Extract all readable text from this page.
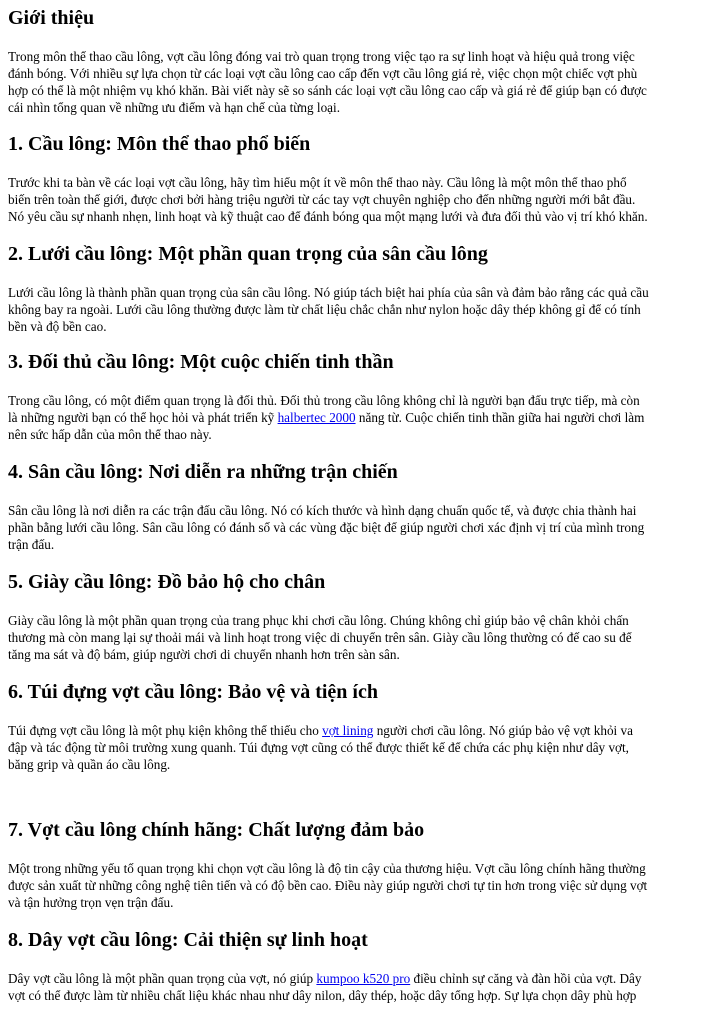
Giới thiệu
Trong môn thể thao cầu lông, vợt cầu lông đóng vai trò quan trọng trong việc tạo ra sự linh hoạt và hiệu quả trong việc
đánh bóng. Với nhiều sự lựa chọn từ các loại vợt cầu lông cao cấp đến vợt cầu lông giá rẻ, việc chọn một chiếc vợt phù
hợp có thể là một nhiệm vụ khó khăn. Bài viết này sẽ so sánh các loại vợt cầu lông cao cấp và giá rẻ để giúp bạn có được
cái nhìn tổng quan về những ưu điểm và hạn chế của từng loại.
1. Cầu lông: Môn thể thao phổ biến
Trước khi ta bàn về các loại vợt cầu lông, hãy tìm hiểu một ít về môn thể thao này. Cầu lông là một môn thể thao phổ
biến trên toàn thế giới, được chơi bởi hàng triệu người từ các tay vợt chuyên nghiệp cho đến những người mới bắt đầu.
Nó yêu cầu sự nhanh nhẹn, linh hoạt và kỹ thuật cao để đánh bóng qua một mạng lưới và đưa đối thủ vào vị trí khó khăn.
2. Lưới cầu lông: Một phần quan trọng của sân cầu lông
Lưới cầu lông là thành phần quan trọng của sân cầu lông. Nó giúp tách biệt hai phía của sân và đảm bảo rằng các quả cầu
không bay ra ngoài. Lưới cầu lông thường được làm từ chất liệu chắc chắn như nylon hoặc dây thép không gỉ để có tính
bền và độ bền cao.
3. Đối thủ cầu lông: Một cuộc chiến tinh thần
Trong cầu lông, có một điểm quan trọng là đối thủ. Đối thủ trong cầu lông không chỉ là người bạn đấu trực tiếp, mà còn
là những người bạn có thể học hỏi và phát triển kỹ halbertec 2000 năng từ. Cuộc chiến tinh thần giữa hai người chơi làm
nên sức hấp dẫn của môn thể thao này.
4. Sân cầu lông: Nơi diễn ra những trận chiến
Sân cầu lông là nơi diễn ra các trận đấu cầu lông. Nó có kích thước và hình dạng chuẩn quốc tế, và được chia thành hai
phần bằng lưới cầu lông. Sân cầu lông có đánh số và các vùng đặc biệt để giúp người chơi xác định vị trí của mình trong
trận đấu.
5. Giày cầu lông: Đồ bảo hộ cho chân
Giày cầu lông là một phần quan trọng của trang phục khi chơi cầu lông. Chúng không chỉ giúp bảo vệ chân khỏi chấn
thương mà còn mang lại sự thoải mái và linh hoạt trong việc di chuyển trên sân. Giày cầu lông thường có đế cao su để
tăng ma sát và độ bám, giúp người chơi di chuyển nhanh hơn trên sàn sân.
6. Túi đựng vợt cầu lông: Bảo vệ và tiện ích
Túi đựng vợt cầu lông là một phụ kiện không thể thiếu cho vợt lining người chơi cầu lông. Nó giúp bảo vệ vợt khỏi va
đập và tác động từ môi trường xung quanh. Túi đựng vợt cũng có thể được thiết kế để chứa các phụ kiện như dây vợt,
băng grip và quần áo cầu lông.
7. Vợt cầu lông chính hãng: Chất lượng đảm bảo
Một trong những yếu tố quan trọng khi chọn vợt cầu lông là độ tin cậy của thương hiệu. Vợt cầu lông chính hãng thường
được sản xuất từ những công nghệ tiên tiến và có độ bền cao. Điều này giúp người chơi tự tin hơn trong việc sử dụng vợt
và tận hưởng trọn vẹn trận đấu.
8. Dây vợt cầu lông: Cải thiện sự linh hoạt
Dây vợt cầu lông là một phần quan trọng của vợt, nó giúp kumpoo k520 pro điều chỉnh sự căng và đàn hồi của vợt. Dây
vợt có thể được làm từ nhiều chất liệu khác nhau như dây nilon, dây thép, hoặc dây tổng hợp. Sự lựa chọn dây phù hợp
